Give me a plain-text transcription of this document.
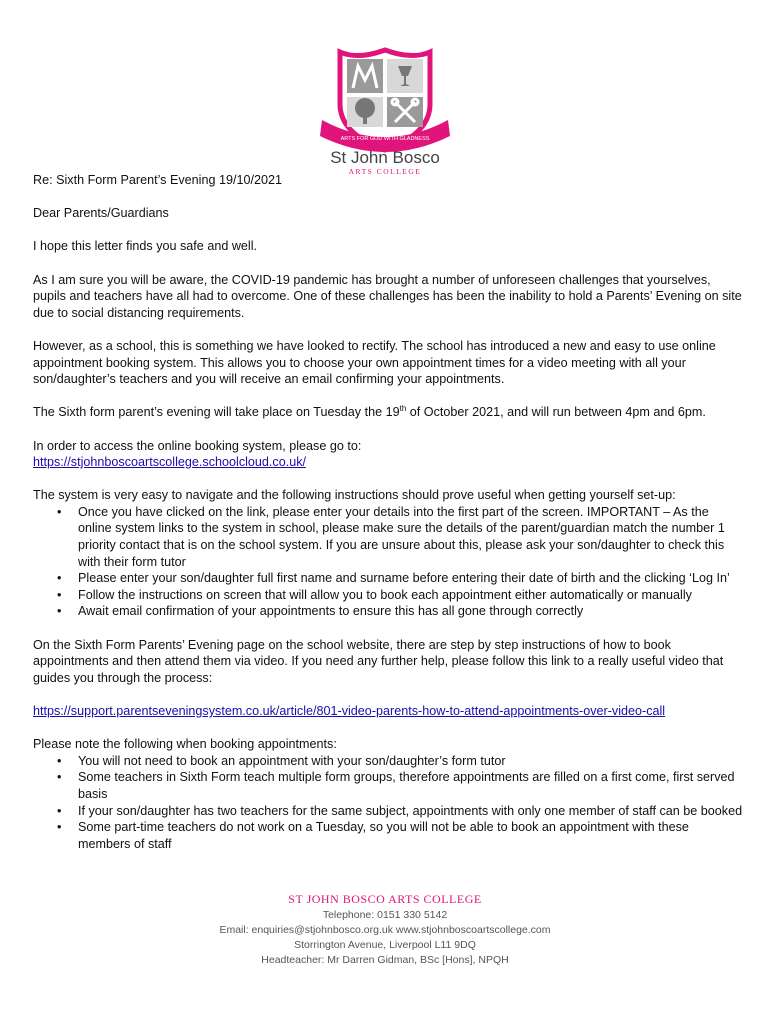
ARTS FOR GOD WITH GLADNESS
St John Bosco
ARTS COLLEGE

Re: Sixth Form Parent’s Evening 19/10/2021

Dear Parents/Guardians

I hope this letter finds you safe and well.

As I am sure you will be aware, the COVID-19 pandemic has brought a number of unforeseen challenges that yourselves, pupils and teachers have all had to overcome. One of these challenges has been the inability to hold a Parents’ Evening on site due to social distancing requirements.

However, as a school, this is something we have looked to rectify. The school has introduced a new and easy to use online appointment booking system. This allows you to choose your own appointment times for a video meeting with all your son/daughter’s teachers and you will receive an email confirming your appointments.

The Sixth form parent’s evening will take place on Tuesday the 19th of October 2021, and will run between 4pm and 6pm.

In order to access the online booking system, please go to:
https://stjohnboscoartscollege.schoolcloud.co.uk/

The system is very easy to navigate and the following instructions should prove useful when getting yourself set-up:

• Once you have clicked on the link, please enter your details into the first part of the screen. IMPORTANT – As the online system links to the system in school, please make sure the details of the parent/guardian match the number 1 priority contact that is on the school system. If you are unsure about this, please ask your son/daughter to check this with their form tutor
• Please enter your son/daughter full first name and surname before entering their date of birth and the clicking ‘Log In’
• Follow the instructions on screen that will allow you to book each appointment either automatically or manually
• Await email confirmation of your appointments to ensure this has all gone through correctly

On the Sixth Form Parents’ Evening page on the school website, there are step by step instructions of how to book appointments and then attend them via video. If you need any further help, please follow this link to a really useful video that guides you through the process:

https://support.parentseveningsystem.co.uk/article/801-video-parents-how-to-attend-appointments-over-video-call

Please note the following when booking appointments:

• You will not need to book an appointment with your son/daughter’s form tutor
• Some teachers in Sixth Form teach multiple form groups, therefore appointments are filled on a first come, first served basis
• If your son/daughter has two teachers for the same subject, appointments with only one member of staff can be booked
• Some part-time teachers do not work on a Tuesday, so you will not be able to book an appointment with these members of staff
ST JOHN BOSCO ARTS COLLEGE
Telephone: 0151 330 5142
Email: enquiries@stjohnbosco.org.uk www.stjohnboscoartscollege.com
Storrington Avenue, Liverpool L11 9DQ
Headteacher: Mr Darren Gidman, BSc [Hons], NPQH
